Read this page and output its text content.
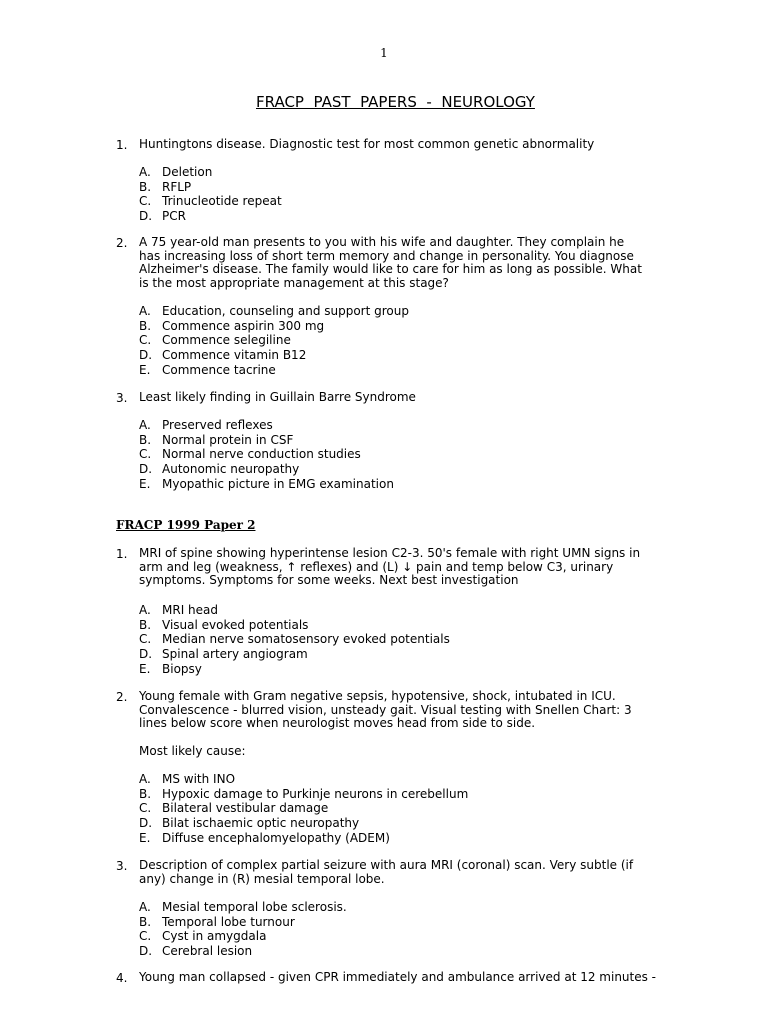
1
FRACP  PAST  PAPERS  -  NEUROLOGY
1. Huntingtons disease. Diagnostic test for most common genetic abnormality
A. Deletion
B. RFLP
C. Trinucleotide repeat
D. PCR
2. A 75 year-old man presents to you with his wife and daughter. They complain he has increasing loss of short term memory and change in personality. You diagnose Alzheimer's disease. The family would like to care for him as long as possible. What is the most appropriate management at this stage?
A. Education, counseling and support group
B. Commence aspirin 300 mg
C. Commence selegiline
D. Commence vitamin B12
E. Commence tacrine
3. Least likely finding in Guillain Barre Syndrome
A. Preserved reflexes
B. Normal protein in CSF
C. Normal nerve conduction studies
D. Autonomic neuropathy
E. Myopathic picture in EMG examination
FRACP 1999 Paper 2
1. MRI of spine showing hyperintense lesion C2-3. 50's female with right UMN signs in arm and leg (weakness, ↑ reflexes) and (L) ↓ pain and temp below C3, urinary symptoms. Symptoms for some weeks. Next best investigation
A. MRI head
B. Visual evoked potentials
C. Median nerve somatosensory evoked potentials
D. Spinal artery angiogram
E. Biopsy
2. Young female with Gram negative sepsis, hypotensive, shock, intubated in ICU. Convalescence - blurred vision, unsteady gait. Visual testing with Snellen Chart: 3 lines below score when neurologist moves head from side to side.
Most likely cause:
A. MS with INO
B. Hypoxic damage to Purkinje neurons in cerebellum
C. Bilateral vestibular damage
D. Bilat ischaemic optic neuropathy
E. Diffuse encephalomyelopathy (ADEM)
3. Description of complex partial seizure with aura MRI (coronal) scan. Very subtle (if any) change in (R) mesial temporal lobe.
A. Mesial temporal lobe sclerosis.
B. Temporal lobe turnour
C. Cyst in amygdala
D. Cerebral lesion
4. Young man collapsed - given CPR immediately and ambulance arrived at 12 minutes -
